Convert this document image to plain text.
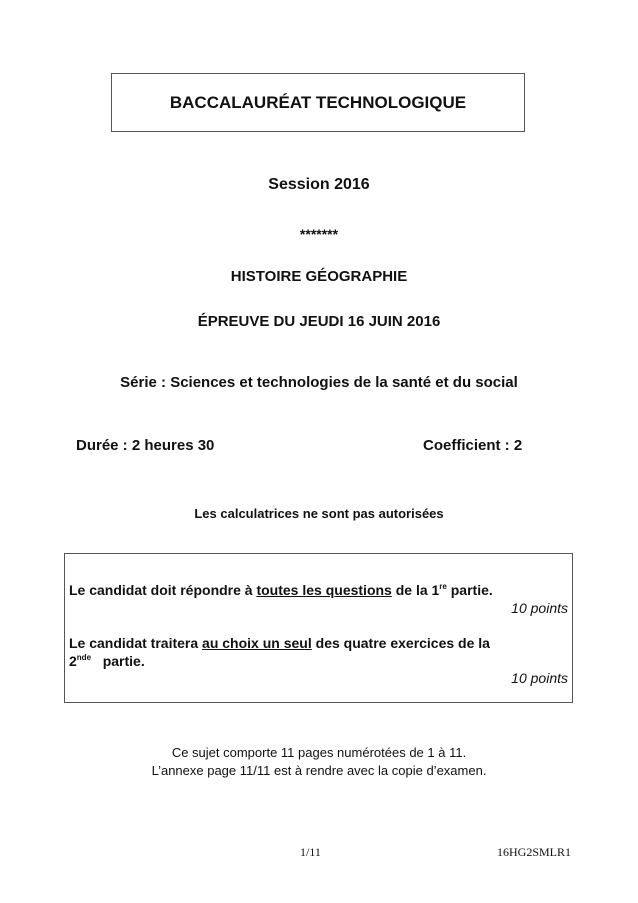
BACCALAURÉAT TECHNOLOGIQUE
Session 2016
*******
HISTOIRE GÉOGRAPHIE
ÉPREUVE DU JEUDI 16 JUIN 2016
Série : Sciences et technologies de la santé et du social
Durée : 2 heures 30	Coefficient : 2
Les calculatrices ne sont pas autorisées
Le candidat doit répondre à toutes les questions de la 1re partie.
10 points
Le candidat traitera au choix un seul des quatre exercices de la
2nde   partie.
10 points
Ce sujet comporte 11 pages numérotées de 1 à 11.
L’annexe page 11/11 est à rendre avec la copie d’examen.
1/11	16HG2SMLR1
